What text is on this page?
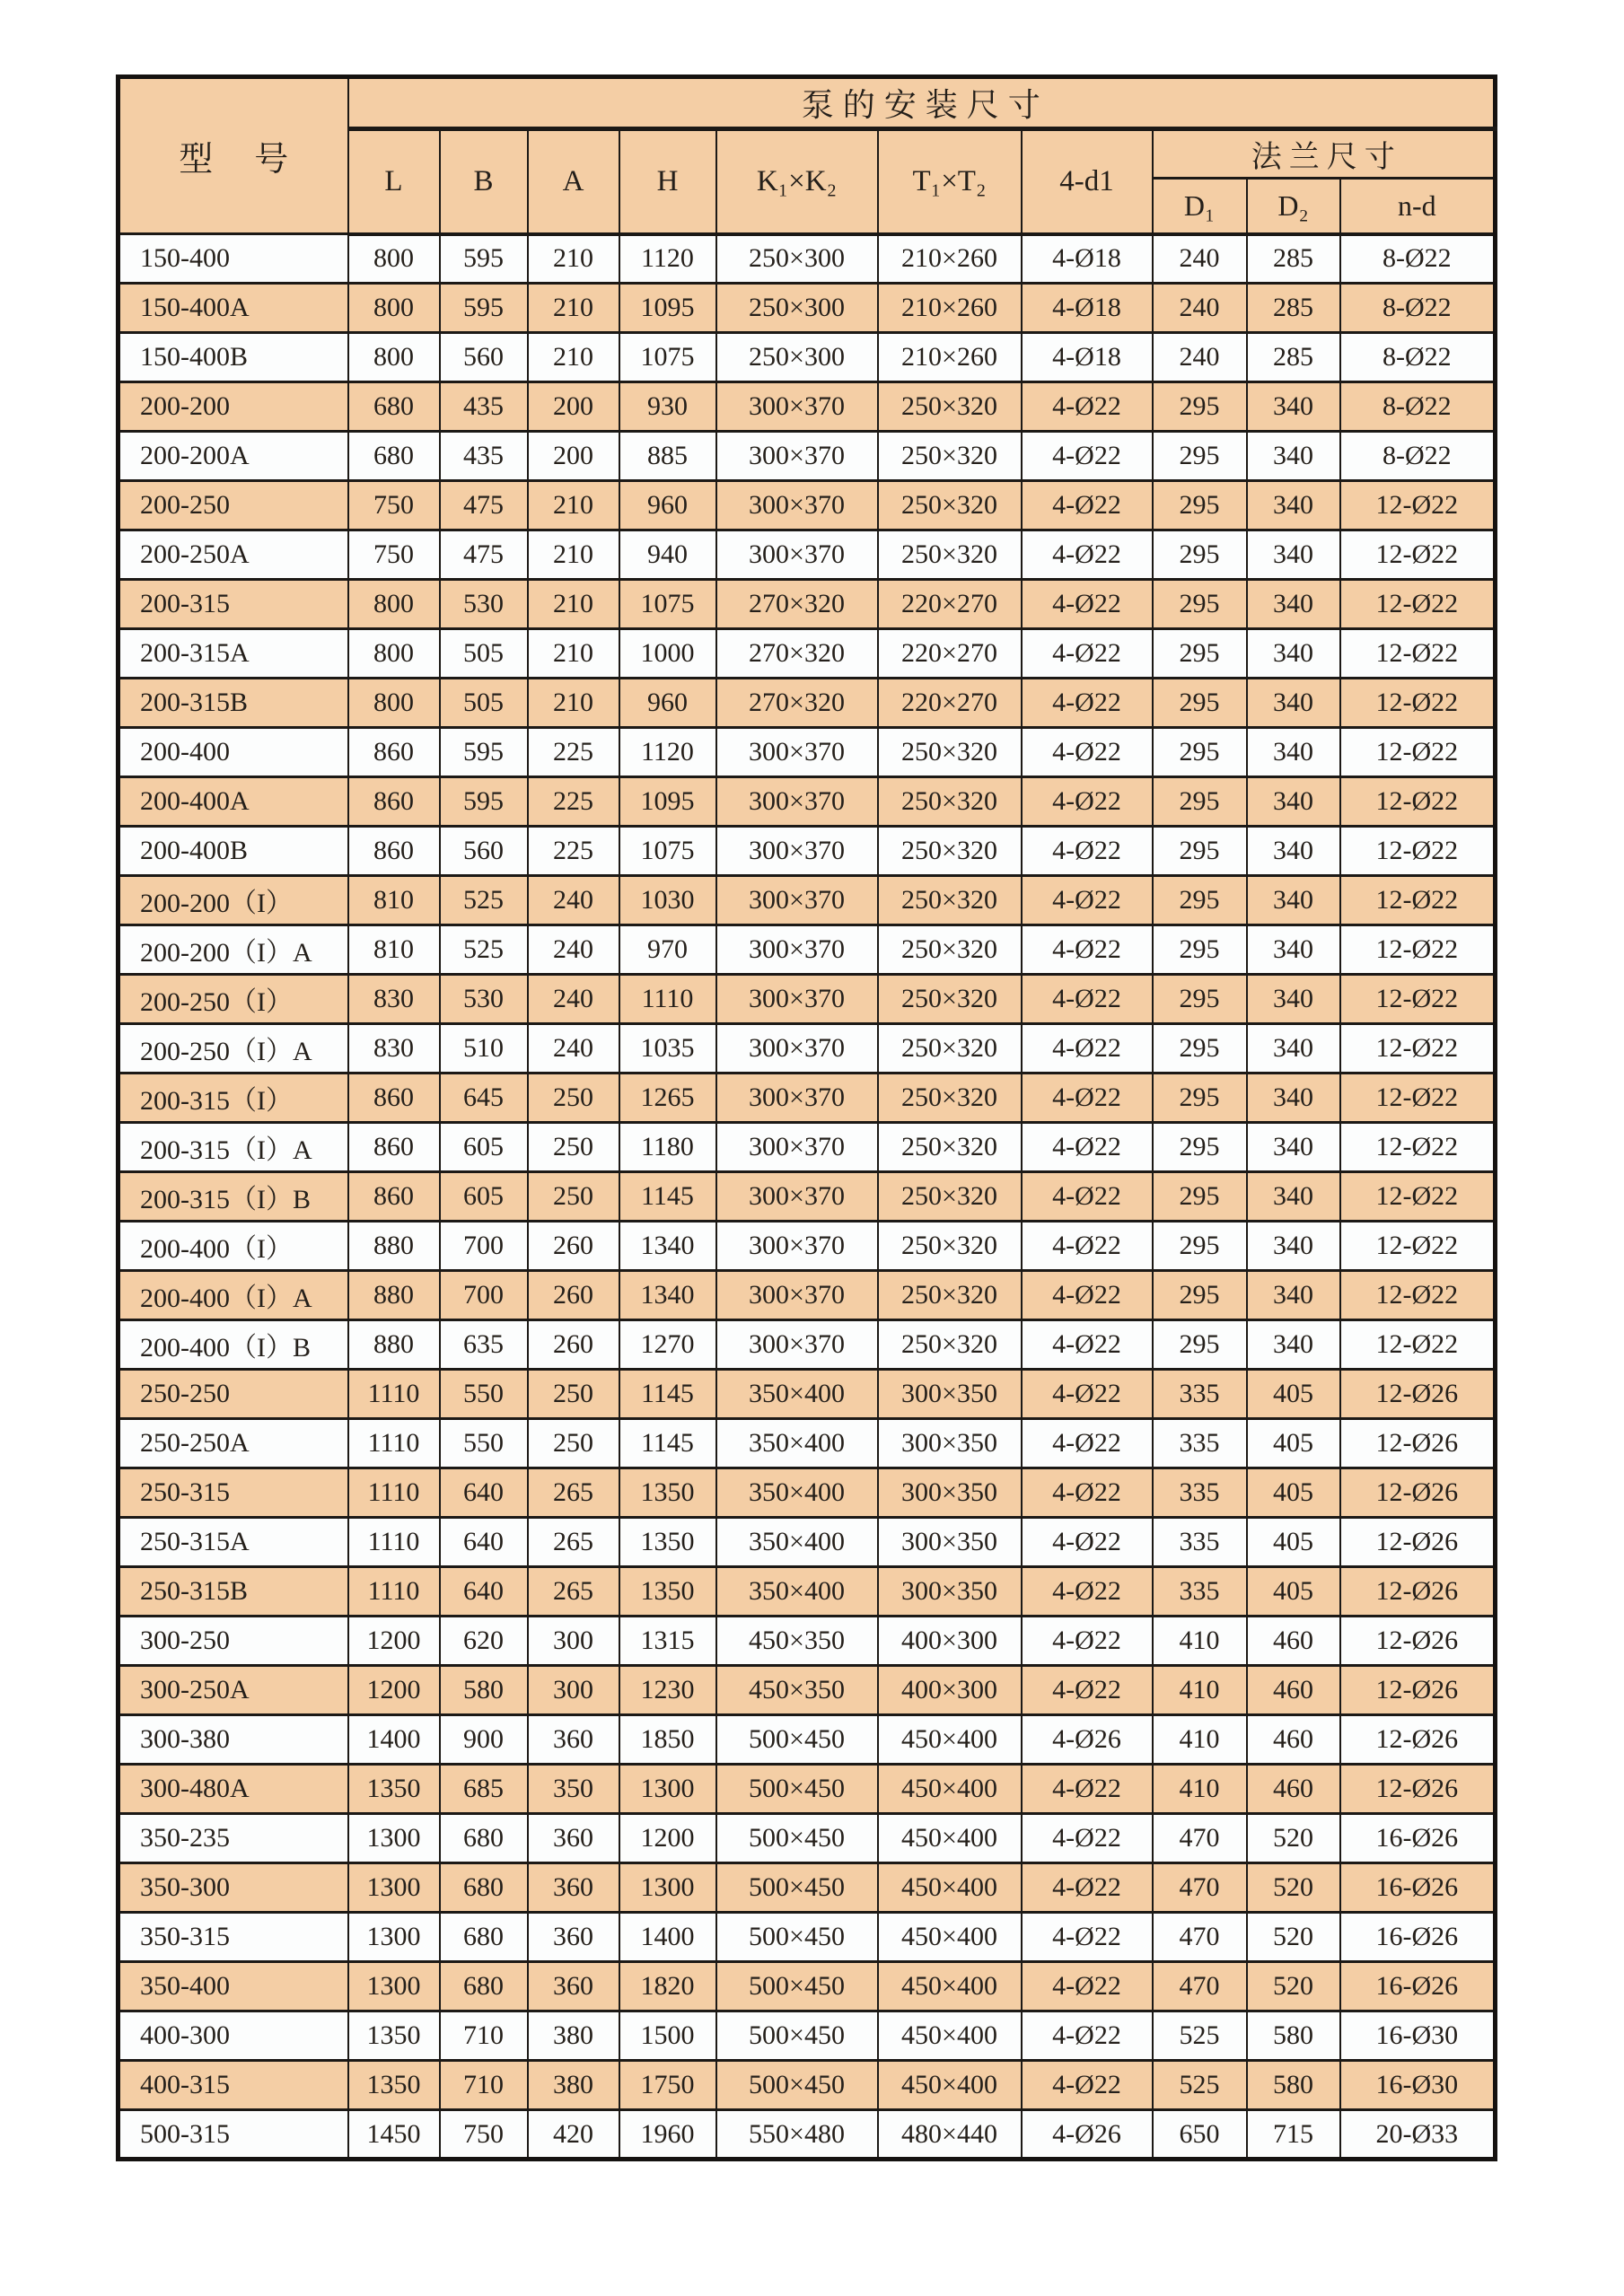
型　号	泵的安装尺寸									
	L	B	A	H	K₁×K₂	T₁×T₂	4-d1	法兰尺寸		
								D₁	D₂	n-d
150-400	800	595	210	1120	250×300	210×260	4-Ø18	240	285	8-Ø22
150-400A	800	595	210	1095	250×300	210×260	4-Ø18	240	285	8-Ø22
150-400B	800	560	210	1075	250×300	210×260	4-Ø18	240	285	8-Ø22
200-200	680	435	200	930	300×370	250×320	4-Ø22	295	340	8-Ø22
200-200A	680	435	200	885	300×370	250×320	4-Ø22	295	340	8-Ø22
200-250	750	475	210	960	300×370	250×320	4-Ø22	295	340	12-Ø22
200-250A	750	475	210	940	300×370	250×320	4-Ø22	295	340	12-Ø22
200-315	800	530	210	1075	270×320	220×270	4-Ø22	295	340	12-Ø22
200-315A	800	505	210	1000	270×320	220×270	4-Ø22	295	340	12-Ø22
200-315B	800	505	210	960	270×320	220×270	4-Ø22	295	340	12-Ø22
200-400	860	595	225	1120	300×370	250×320	4-Ø22	295	340	12-Ø22
200-400A	860	595	225	1095	300×370	250×320	4-Ø22	295	340	12-Ø22
200-400B	860	560	225	1075	300×370	250×320	4-Ø22	295	340	12-Ø22
200-200（I）	810	525	240	1030	300×370	250×320	4-Ø22	295	340	12-Ø22
200-200（I）A	810	525	240	970	300×370	250×320	4-Ø22	295	340	12-Ø22
200-250（I）	830	530	240	1110	300×370	250×320	4-Ø22	295	340	12-Ø22
200-250（I）A	830	510	240	1035	300×370	250×320	4-Ø22	295	340	12-Ø22
200-315（I）	860	645	250	1265	300×370	250×320	4-Ø22	295	340	12-Ø22
200-315（I）A	860	605	250	1180	300×370	250×320	4-Ø22	295	340	12-Ø22
200-315（I）B	860	605	250	1145	300×370	250×320	4-Ø22	295	340	12-Ø22
200-400（I）	880	700	260	1340	300×370	250×320	4-Ø22	295	340	12-Ø22
200-400（I）A	880	700	260	1340	300×370	250×320	4-Ø22	295	340	12-Ø22
200-400（I）B	880	635	260	1270	300×370	250×320	4-Ø22	295	340	12-Ø22
250-250	1110	550	250	1145	350×400	300×350	4-Ø22	335	405	12-Ø26
250-250A	1110	550	250	1145	350×400	300×350	4-Ø22	335	405	12-Ø26
250-315	1110	640	265	1350	350×400	300×350	4-Ø22	335	405	12-Ø26
250-315A	1110	640	265	1350	350×400	300×350	4-Ø22	335	405	12-Ø26
250-315B	1110	640	265	1350	350×400	300×350	4-Ø22	335	405	12-Ø26
300-250	1200	620	300	1315	450×350	400×300	4-Ø22	410	460	12-Ø26
300-250A	1200	580	300	1230	450×350	400×300	4-Ø22	410	460	12-Ø26
300-380	1400	900	360	1850	500×450	450×400	4-Ø26	410	460	12-Ø26
300-480A	1350	685	350	1300	500×450	450×400	4-Ø22	410	460	12-Ø26
350-235	1300	680	360	1200	500×450	450×400	4-Ø22	470	520	16-Ø26
350-300	1300	680	360	1300	500×450	450×400	4-Ø22	470	520	16-Ø26
350-315	1300	680	360	1400	500×450	450×400	4-Ø22	470	520	16-Ø26
350-400	1300	680	360	1820	500×450	450×400	4-Ø22	470	520	16-Ø26
400-300	1350	710	380	1500	500×450	450×400	4-Ø22	525	580	16-Ø30
400-315	1350	710	380	1750	500×450	450×400	4-Ø22	525	580	16-Ø30
500-315	1450	750	420	1960	550×480	480×440	4-Ø26	650	715	20-Ø33
